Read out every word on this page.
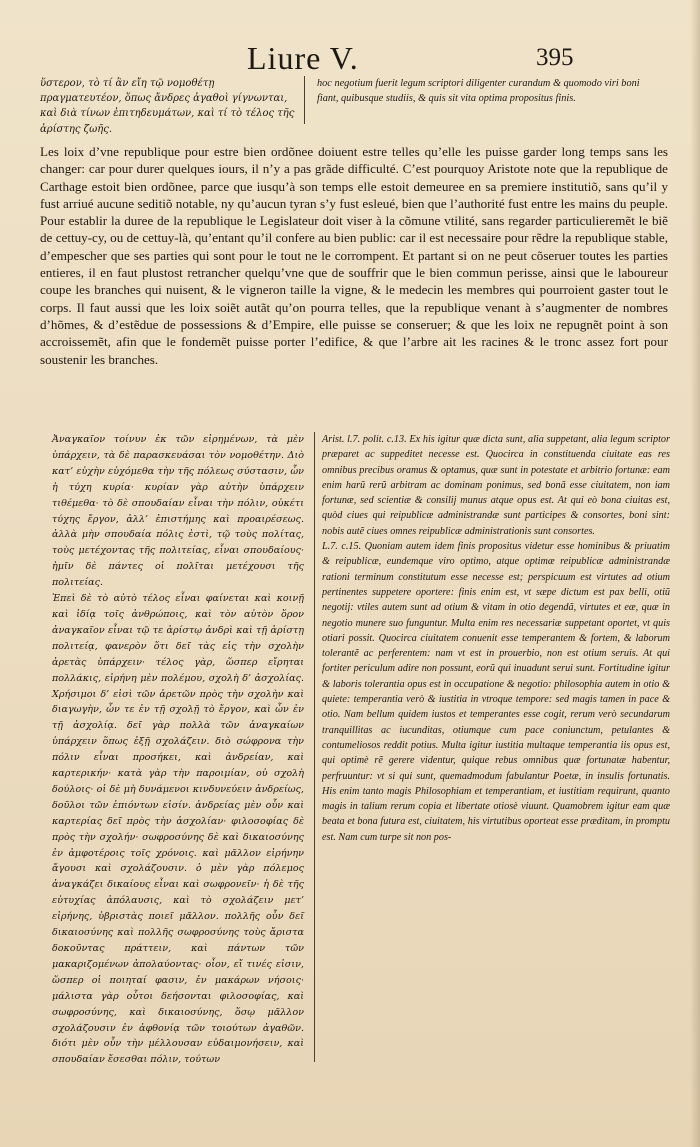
Liure V.	395
ὕστερον, τὸ τί ἂν εἴη τῷ νομοθέτῃ πραγματευτέον, ὅπως ἄνδρες ἀγαθοὶ γίγνωνται, καὶ διὰ τίνων ἐπιτηδευμάτων, καὶ τί τὸ τέλος τῆς ἀρίστης ζωῆς.
hoc negotium fuerit legum scriptori diligenter curandum & quomodo viri boni fiant, quibusque studiis, & quis sit vita optima propositus finis.
Les loix d’vne republique pour estre bien ordõnee doiuent estre telles qu’elle les puisse garder long temps sans les changer: car pour durer quelques iours, il n’y a pas grãde difficulté. C’est pourquoy Aristote note que la republique de Carthage estoit bien ordõnee, parce que iusqu’à son temps elle estoit demeuree en sa premiere institutiõ, sans qu’il y fust arriué aucune seditiõ notable, ny qu’aucun tyran s’y fust esleué, bien que l’authorité fust entre les mains du peuple. Pour establir la duree de la republique le Legislateur doit viser à la cõmune vtilité, sans regarder particulieremẽt le biẽ de cettuy-cy, ou de cettuy-là, qu’entant qu’il confere au bien public: car il est necessaire pour rẽdre la republique stable, d’empescher que ses parties qui sont pour le tout ne le corrompent. Et partant si on ne peut cõseruer toutes les parties entieres, il en faut plustost retrancher quelqu’vne que de souffrir que le bien commun perisse, ainsi que le laboureur coupe les branches qui nuisent, & le vigneron taille la vigne, & le medecin les membres qui pourroient gaster tout le corps. Il faut aussi que les loix soiẽt autãt qu’on pourra telles, que la republique venant à s’augmenter de nombres d’hõmes, & d’estẽdue de possessions & d’Empire, elle puisse se conseruer; & que les loix ne repugnẽt point à son accroissemẽt, afin que le fondemẽt puisse porter l’edifice, & que l’arbre ait les racines & le tronc assez fort pour soustenir les branches.

Ἀναγκαῖον τοίνυν ἐκ τῶν εἰρημένων, τὰ μὲν ὑπάρχειν, τὰ δὲ παρασκευάσαι τὸν νομοθέτην. Διὸ κατ’ εὐχὴν εὐχόμεθα τὴν τῆς πόλεως σύστασιν, ὧν ἡ τύχη κυρία· κυρίαν γὰρ αὐτὴν ὑπάρχειν τιθέμεθα· τὸ δὲ σπουδαίαν εἶναι τὴν πόλιν, οὐκέτι τύχης ἔργον, ἀλλ’ ἐπιστήμης καὶ προαιρέσεως. ἀλλὰ μὴν σπουδαία πόλις ἐστὶ, τῷ τοὺς πολίτας, τοὺς μετέχοντας τῆς πολιτείας, εἶναι σπουδαίους· ἡμῖν δὲ πάντες οἱ πολῖται μετέχουσι τῆς πολιτείας.

Ἐπεὶ δὲ τὸ αὐτὸ τέλος εἶναι φαίνεται καὶ κοινῇ καὶ ἰδίᾳ τοῖς ἀνθρώποις, καὶ τὸν αὐτὸν ὅρον ἀναγκαῖον εἶναι τῷ τε ἀρίστῳ ἀνδρὶ καὶ τῇ ἀρίστῃ πολιτείᾳ, φανερὸν ὅτι δεῖ τὰς εἰς τὴν σχολὴν ἀρετὰς ὑπάρχειν· τέλος γὰρ, ὥσπερ εἴρηται πολλάκις, εἰρήνη μὲν πολέμου, σχολὴ δ’ ἀσχολίας. Χρήσιμοι δ’ εἰσὶ τῶν ἀρετῶν πρὸς τὴν σχολὴν καὶ διαγωγὴν, ὧν τε ἐν τῇ σχολῇ τὸ ἔργον, καὶ ὧν ἐν τῇ ἀσχολίᾳ. δεῖ γὰρ πολλὰ τῶν ἀναγκαίων ὑπάρχειν ὅπως ἐξῇ σχολάζειν. διὸ σώφρονα τὴν πόλιν εἶναι προσήκει, καὶ ἀνδρείαν, καὶ καρτερικήν· κατὰ γὰρ τὴν παροιμίαν, οὐ σχολὴ δούλοις· οἱ δὲ μὴ δυνάμενοι κινδυνεύειν ἀνδρείως, δοῦλοι τῶν ἐπιόντων εἰσίν. ἀνδρείας μὲν οὖν καὶ καρτερίας δεῖ πρὸς τὴν ἀσχολίαν· φιλοσοφίας δὲ πρὸς τὴν σχολήν· σωφροσύνης δὲ καὶ δικαιοσύνης ἐν ἀμφοτέροις τοῖς χρόνοις. καὶ μᾶλλον εἰρήνην ἄγουσι καὶ σχολάζουσιν. ὁ μὲν γὰρ πόλεμος ἀναγκάζει δικαίους εἶναι καὶ σωφρονεῖν· ἡ δὲ τῆς εὐτυχίας ἀπόλαυσις, καὶ τὸ σχολάζειν μετ’ εἰρήνης, ὑβριστὰς ποιεῖ μᾶλλον. πολλῆς οὖν δεῖ δικαιοσύνης καὶ πολλῆς σωφροσύνης τοὺς ἄριστα δοκοῦντας πράττειν, καὶ πάντων τῶν μακαριζομένων ἀπολαύοντας· οἷον, εἴ τινές εἰσιν, ὥσπερ οἱ ποιηταί φασιν, ἐν μακάρων νήσοις· μάλιστα γὰρ οὗτοι δεήσονται φιλοσοφίας, καὶ σωφροσύνης, καὶ δικαιοσύνης, ὅσῳ μᾶλλον σχολάζουσιν ἐν ἀφθονίᾳ τῶν τοιούτων ἀγαθῶν. διότι μὲν οὖν τὴν μέλλουσαν εὐδαιμονήσειν, καὶ σπουδαίαν ἔσεσθαι πόλιν, τούτων

Arist. l.7. polit. c.13. Ex his igitur quæ dicta sunt, alia suppetant, alia legum scriptor præparet ac suppeditet necesse est. Quocirca in constituenda ciuitate eas res omnibus precibus oramus & optamus, quæ sunt in potestate et arbitrio fortunæ: eam enim harũ rerũ arbitram ac dominam ponimus, sed bonã esse ciuitatem, non iam fortunæ, sed scientiæ & consilij munus atque opus est. At qui eò bona ciuitas est, quòd ciues qui reipublicæ administrandæ sunt participes & consortes, boni sint: nobis autẽ ciues omnes reipublicæ administrationis sunt consortes.

L.7. c.15. Quoniam autem idem finis propositus videtur esse hominibus & priuatim & reipublicæ, eundemque viro optimo, atque optimæ reipublicæ administrandæ rationi terminum constitutum esse necesse est; perspicuum est virtutes ad otium pertinentes suppetere oportere: finis enim est, vt sæpe dictum est pax belli, otiũ negotij: vtiles autem sunt ad otium & vitam in otio degendã, virtutes et eæ, quæ in negotio munere suo funguntur. Multa enim res necessariæ suppetant oportet, vt quis otiari possit. Quocirca ciuitatem conuenit esse temperantem & fortem, & laborum tolerantẽ ac perferentem: nam vt est in prouerbio, non est otium seruis. At qui fortiter periculum adire non possunt, eorũ qui inuadunt serui sunt. Fortitudine igitur & laboris tolerantia opus est in occupatione & negotio: philosophia autem in otio & quiete: temperantia verò & iustitia in vtroque tempore: sed magis tamen in pace & otio. Nam bellum quidem iustos et temperantes esse cogit, rerum verò secundarum tranquillitas ac iucunditas, otiumque cum pace coniunctum, petulantes & contumeliosos reddit potius. Multa igitur iustitia multaque temperantia iis opus est, qui optimè rẽ gerere videntur, quique rebus omnibus quæ fortunatæ habentur, perfruuntur: vt si qui sunt, quemadmodum fabulantur Poetæ, in insulis fortunatis. His enim tanto magis Philosophiam et temperantiam, et iustitiam requirunt, quanto magis in talium rerum copia et libertate otiosè viuunt. Quamobrem igitur eam quæ beata et bona futura est, ciuitatem, his virtutibus oporteat esse præditam, in promptu est. Nam cum turpe sit non pos-
